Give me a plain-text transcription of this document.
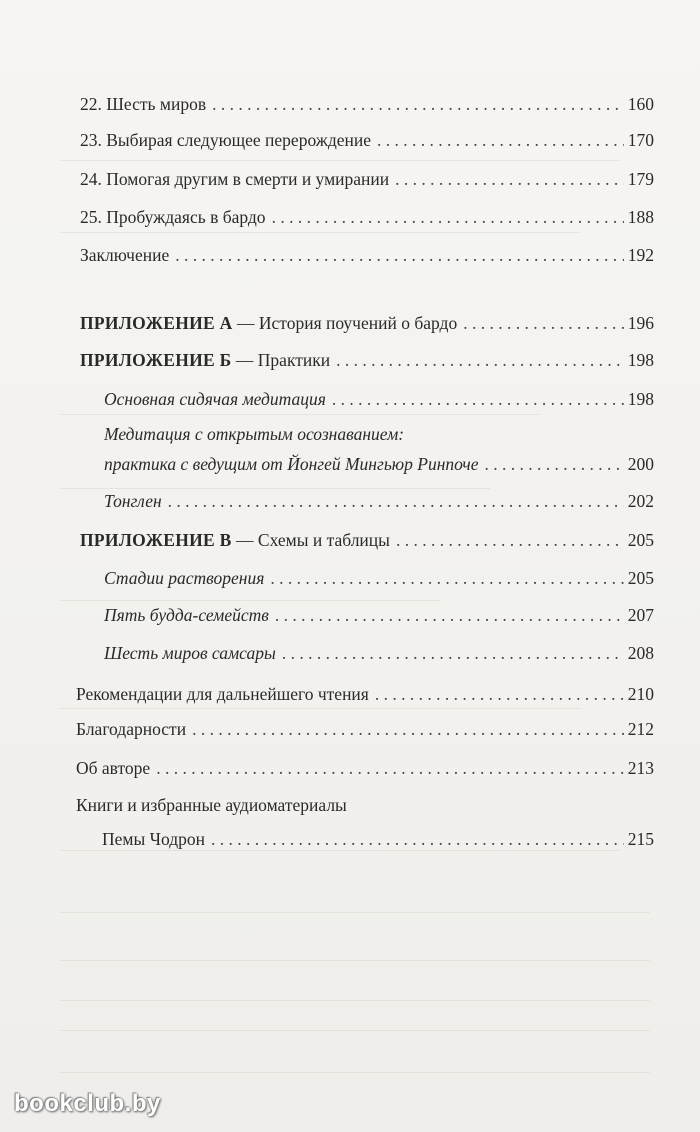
22. Шесть миров . . .	160
23. Выбирая следующее перерождение . . .	170
24. Помогая другим в смерти и умирании . . .	179
25. Пробуждаясь в бардо . . .	188
Заключение . . .	192
ПРИЛОЖЕНИЕ А — История поучений о бардо . . .	196
ПРИЛОЖЕНИЕ Б — Практики . . .	198
Основная сидячая медитация . . .	198
Медитация с открытым осознаванием:
практика с ведущим от Йонгей Мингьюр Ринпоче . . .	200
Тонглен . . .	202
ПРИЛОЖЕНИЕ В — Схемы и таблицы . . .	205
Стадии растворения . . .	205
Пять будда-семейств . . .	207
Шесть миров самсары . . .	208
Рекомендации для дальнейшего чтения . . .	210
Благодарности . . .	212
Об авторе . . .	213
Книги и избранные аудиоматериалы
Пемы Чодрон . . .	215
bookclub.by
